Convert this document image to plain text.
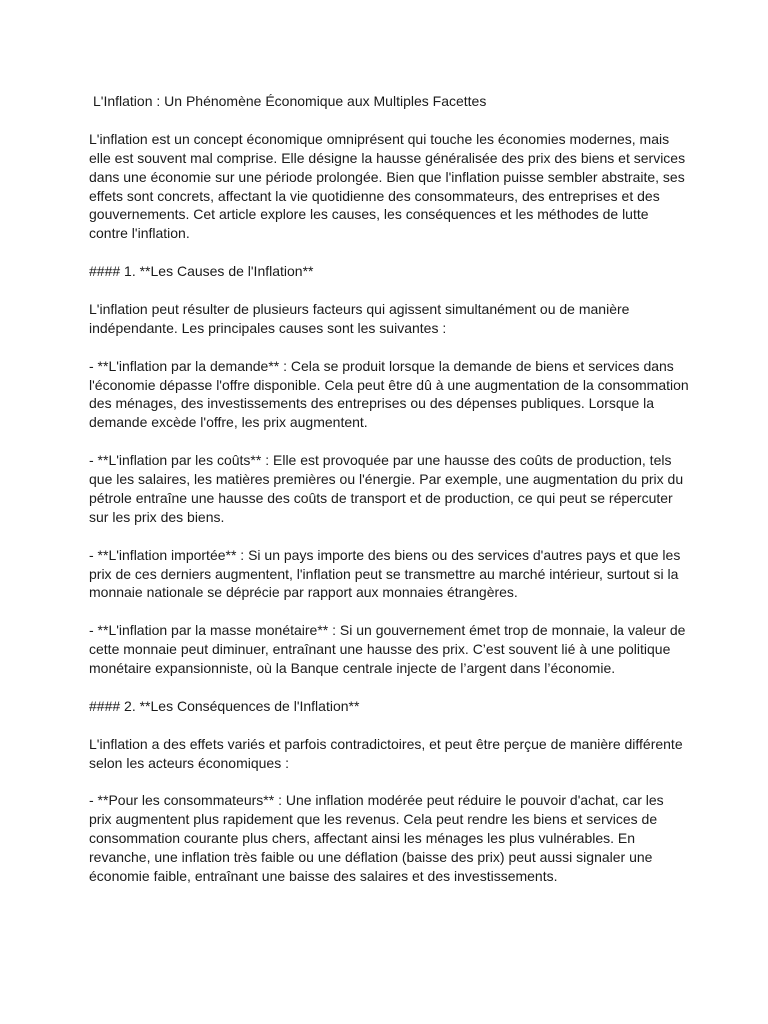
L'Inflation : Un Phénomène Économique aux Multiples Facettes

L'inflation est un concept économique omniprésent qui touche les économies modernes, mais elle est souvent mal comprise. Elle désigne la hausse généralisée des prix des biens et services dans une économie sur une période prolongée. Bien que l'inflation puisse sembler abstraite, ses effets sont concrets, affectant la vie quotidienne des consommateurs, des entreprises et des gouvernements. Cet article explore les causes, les conséquences et les méthodes de lutte contre l'inflation.

#### 1. **Les Causes de l'Inflation**

L'inflation peut résulter de plusieurs facteurs qui agissent simultanément ou de manière indépendante. Les principales causes sont les suivantes :

- **L'inflation par la demande** : Cela se produit lorsque la demande de biens et services dans l'économie dépasse l'offre disponible. Cela peut être dû à une augmentation de la consommation des ménages, des investissements des entreprises ou des dépenses publiques. Lorsque la demande excède l'offre, les prix augmentent.

- **L'inflation par les coûts** : Elle est provoquée par une hausse des coûts de production, tels que les salaires, les matières premières ou l'énergie. Par exemple, une augmentation du prix du pétrole entraîne une hausse des coûts de transport et de production, ce qui peut se répercuter sur les prix des biens.

- **L'inflation importée** : Si un pays importe des biens ou des services d'autres pays et que les prix de ces derniers augmentent, l'inflation peut se transmettre au marché intérieur, surtout si la monnaie nationale se déprécie par rapport aux monnaies étrangères.

- **L'inflation par la masse monétaire** : Si un gouvernement émet trop de monnaie, la valeur de cette monnaie peut diminuer, entraînant une hausse des prix. C’est souvent lié à une politique monétaire expansionniste, où la Banque centrale injecte de l’argent dans l’économie.

#### 2. **Les Conséquences de l'Inflation**

L'inflation a des effets variés et parfois contradictoires, et peut être perçue de manière différente selon les acteurs économiques :

- **Pour les consommateurs** : Une inflation modérée peut réduire le pouvoir d'achat, car les prix augmentent plus rapidement que les revenus. Cela peut rendre les biens et services de consommation courante plus chers, affectant ainsi les ménages les plus vulnérables. En revanche, une inflation très faible ou une déflation (baisse des prix) peut aussi signaler une économie faible, entraînant une baisse des salaires et des investissements.
